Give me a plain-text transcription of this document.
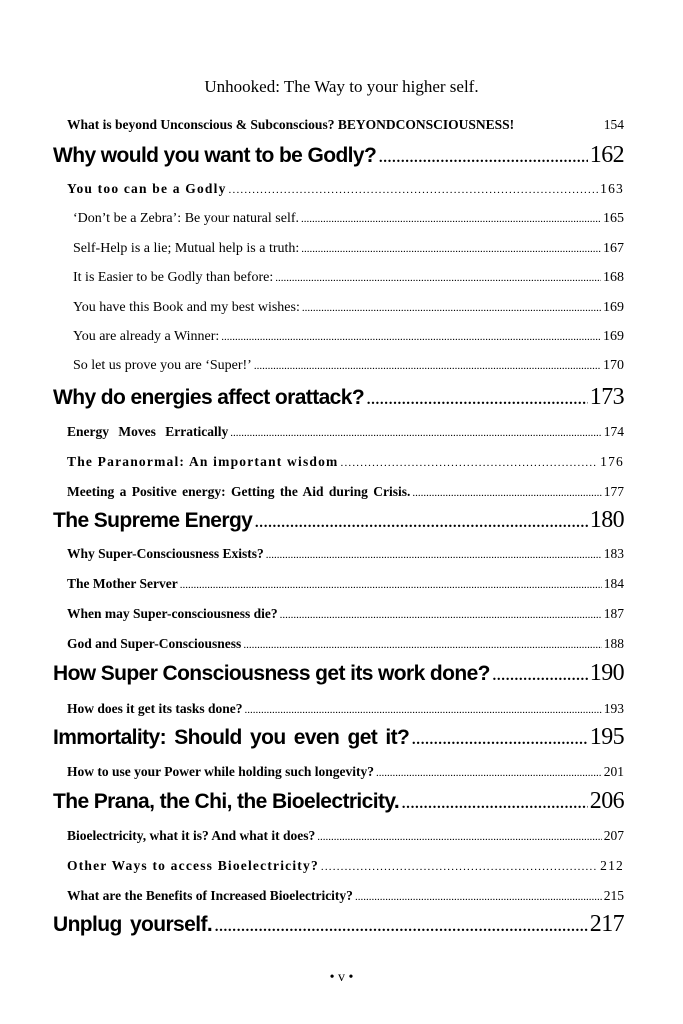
Unhooked: The Way to your higher self.
What is beyond Unconscious & Subconscious? BEYONDCONSCIOUSNESS!	154
Why would you want to be Godly? .....	162
You too can be a Godly .....	163
‘Don’t be a Zebra’: Be your natural self. .....	165
Self-Help is a lie; Mutual help is a truth: .....	167
It is Easier to be Godly than before: .....	168
You have this Book and my best wishes: .....	169
You are already a Winner: .....	169
So let us prove you are ‘Super!’ .....	170
Why do energies affect orattack? .....	173
Energy Moves Erratically .....	174
The Paranormal: An important wisdom .....	176
Meeting a Positive energy: Getting the Aid during Crisis. .....	177
The Supreme Energy .....	180
Why Super-Consciousness Exists? .....	183
The Mother Server .....	184
When may Super-consciousness die? .....	187
God and Super-Consciousness .....	188
How Super Consciousness get its work done? .....	190
How does it get its tasks done? .....	193
Immortality: Should you even get it? .....	195
How to use your Power while holding such longevity? .....	201
The Prana, the Chi, the Bioelectricity. .....	206
Bioelectricity, what it is? And what it does? .....	207
Other Ways to access Bioelectricity? .....	212
What are the Benefits of Increased Bioelectricity? .....	215
Unplug yourself. .....	217
• v •
